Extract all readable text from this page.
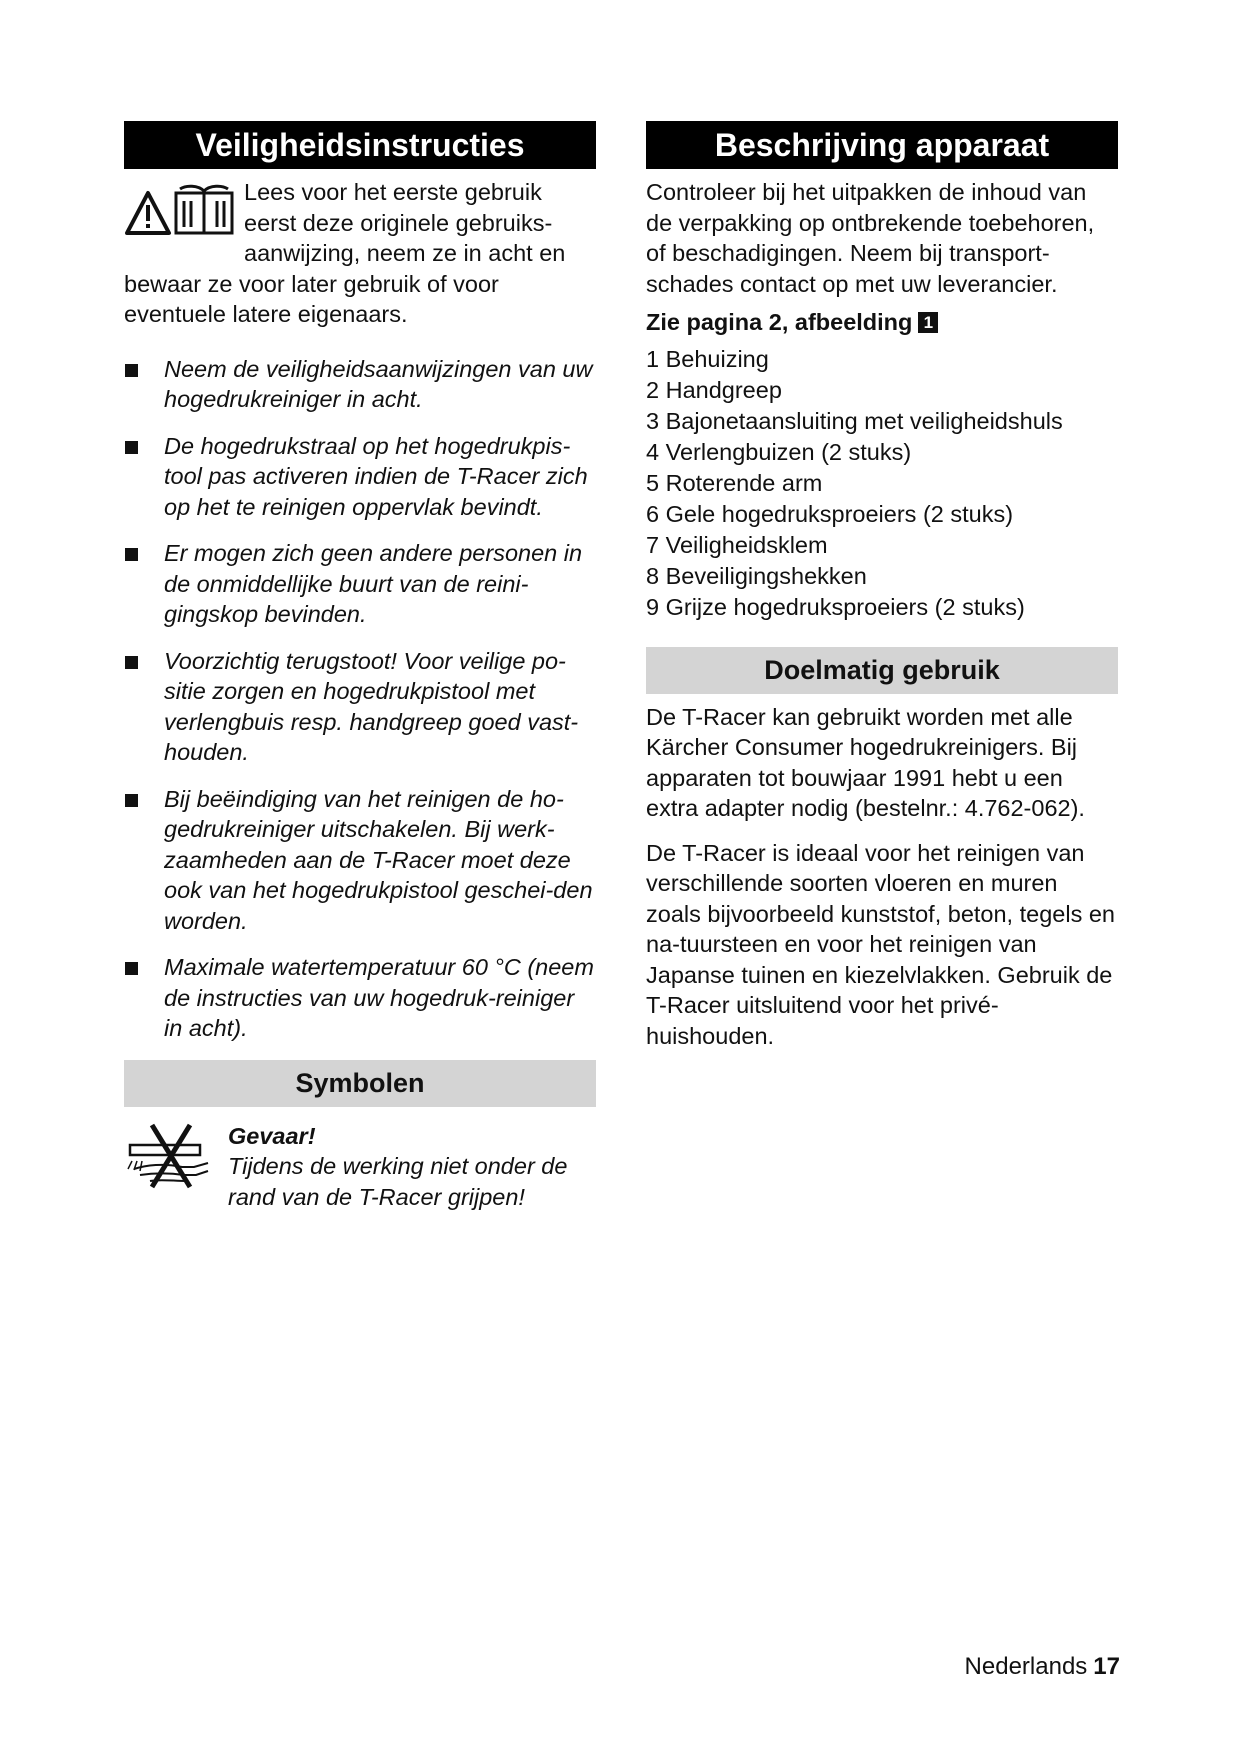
Veiligheidsinstructies

Lees voor het eerste gebruik eerst deze originele gebruiks-aanwijzing, neem ze in acht en bewaar ze voor later gebruik of voor eventuele latere eigenaars.

Neem de veiligheidsaanwijzingen van uw hogedrukreiniger in acht.
De hogedrukstraal op het hogedrukpis-tool pas activeren indien de T-Racer zich op het te reinigen oppervlak bevindt.
Er mogen zich geen andere personen in de onmiddellijke buurt van de reini-gingskop bevinden.
Voorzichtig terugstoot! Voor veilige po-sitie zorgen en hogedrukpistool met verlengbuis resp. handgreep goed vast-houden.
Bij beëindiging van het reinigen de ho-gedrukreiniger uitschakelen. Bij werk-zaamheden aan de T-Racer moet deze ook van het hogedrukpistool geschei-den worden.
Maximale watertemperatuur 60 °C (neem de instructies van uw hogedruk-reiniger in acht).
Symbolen

Gevaar!

Tijdens de werking niet onder de rand van de T-Racer grijpen!

Beschrijving apparaat

Controleer bij het uitpakken de inhoud van de verpakking op ontbrekende toebehoren, of beschadigingen. Neem bij transport-schades contact op met uw leverancier.

Zie pagina 2, afbeelding 1

1 Behuizing
2 Handgreep
3 Bajonetaansluiting met veiligheidshuls
4 Verlengbuizen (2 stuks)
5 Roterende arm
6 Gele hogedruksproeiers (2 stuks)
7 Veiligheidsklem
8 Beveiligingshekken
9 Grijze hogedruksproeiers (2 stuks)
Doelmatig gebruik

De T-Racer kan gebruikt worden met alle Kärcher Consumer hogedrukreinigers. Bij apparaten tot bouwjaar 1991 hebt u een extra adapter nodig (bestelnr.: 4.762-062).

De T-Racer is ideaal voor het reinigen van verschillende soorten vloeren en muren zoals bijvoorbeeld kunststof, beton, tegels en na-tuursteen en voor het reinigen van Japanse tuinen en kiezelvlakken. Gebruik de T-Racer uitsluitend voor het privé-huishouden.

Nederlands 17
